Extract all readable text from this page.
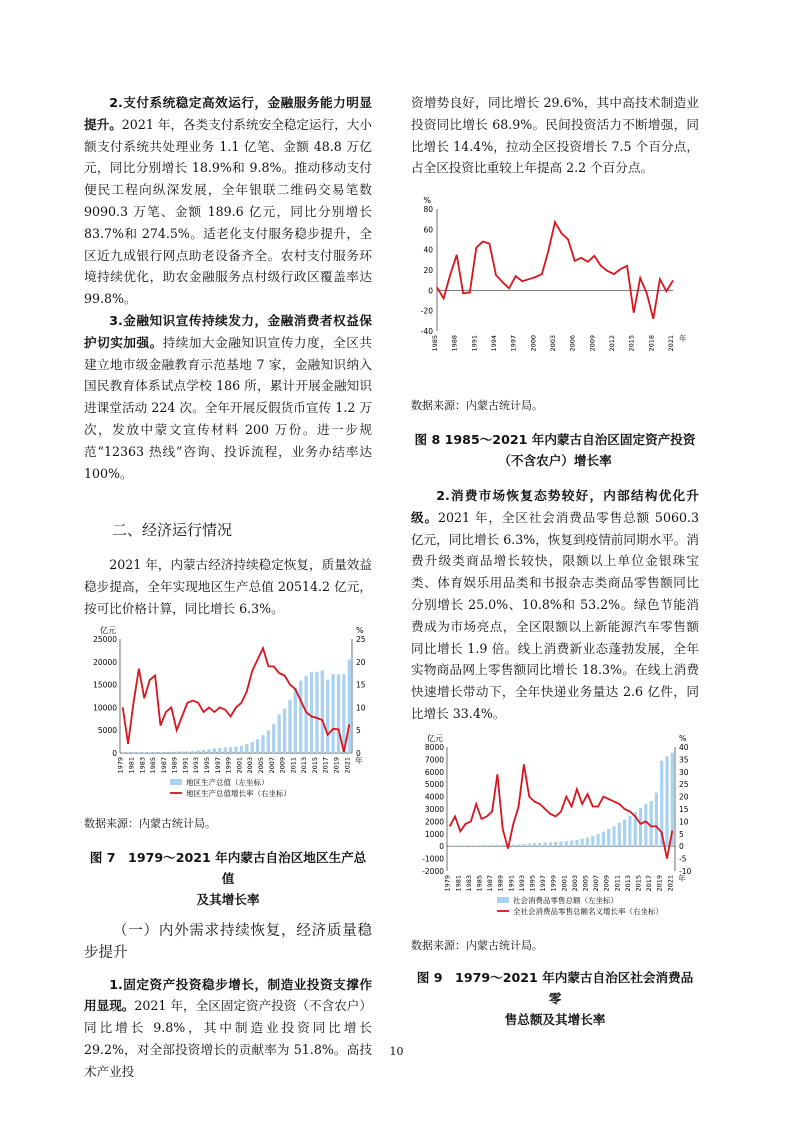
2.支付系统稳定高效运行，金融服务能力明显提升。2021 年，各类支付系统安全稳定运行，大小额支付系统共处理业务 1.1 亿笔、金额 48.8 万亿元，同比分别增长 18.9%和 9.8%。推动移动支付便民工程向纵深发展，全年银联二维码交易笔数 9090.3 万笔、金额 189.6 亿元，同比分别增长 83.7%和 274.5%。适老化支付服务稳步提升，全区近九成银行网点助老设备齐全。农村支付服务环境持续优化，助农金融服务点村级行政区覆盖率达 99.8%。

3.金融知识宣传持续发力，金融消费者权益保护切实加强。持续加大金融知识宣传力度，全区共建立地市级金融教育示范基地 7 家，金融知识纳入国民教育体系试点学校 186 所，累计开展金融知识进课堂活动 224 次。全年开展反假货币宣传 1.2 万次，发放中蒙文宣传材料 200 万份。进一步规范“12363 热线”咨询、投诉流程，业务办结率达 100%。

二、经济运行情况

2021 年，内蒙古经济持续稳定恢复，质量效益稳步提高，全年实现地区生产总值 20514.2 亿元，按可比价格计算，同比增长 6.3%。

亿元	%
0
5000
10000
15000
20000
25000
0
5
10
15
20
25
1979 1981 1983 1985 1987 1989 1991 1993 1995 1997 1999 2001 2003 2005 2007 2009 2011 2013 2015 2017 2019 2021 年
地区生产总值（左坐标）
地区生产总值增长率（右坐标）

数据来源：内蒙古统计局。

图 7　1979～2021 年内蒙古自治区地区生产总值

及其增长率

（一）内外需求持续恢复，经济质量稳步提升

1.固定资产投资稳步增长，制造业投资支撑作用显现。2021 年，全区固定资产投资（不含农户）同比增长 9.8%，其中制造业投资同比增长 29.2%，对全部投资增长的贡献率为 51.8%。高技术产业投

资增势良好，同比增长 29.6%，其中高技术制造业投资同比增长 68.9%。民间投资活力不断增强，同比增长 14.4%，拉动全区投资增长 7.5 个百分点，占全区投资比重较上年提高 2.2 个百分点。

%
-40
-20
0
20
40
60
80
1985 1988 1991 1994 1997 2000 2003 2006 2009 2012 2015 2018 2021 年

数据来源：内蒙古统计局。

图 8 1985～2021 年内蒙古自治区固定资产投资

（不含农户）增长率

2.消费市场恢复态势较好，内部结构优化升级。2021 年，全区社会消费品零售总额 5060.3 亿元，同比增长 6.3%，恢复到疫情前同期水平。消费升级类商品增长较快，限额以上单位金银珠宝类、体育娱乐用品类和书报杂志类商品零售额同比分别增长 25.0%、10.8%和 53.2%。绿色节能消费成为市场亮点，全区限额以上新能源汽车零售额同比增长 1.9 倍。线上消费新业态蓬勃发展，全年实物商品网上零售额同比增长 18.3%。在线上消费快速增长带动下，全年快递业务量达 2.6 亿件，同比增长 33.4%。

亿元	%
-2000
-1000
0
1000
2000
3000
4000
5000
6000
7000
8000
-10
-5
0
5
10
15
20
25
30
35
40
1979 1981 1983 1985 1987 1989 1991 1993 1995 1997 1999 2001 2003 2005 2007 2009 2011 2013 2015 2017 2019 2021 年
社会消费品零售总额（左坐标）
全社会消费品零售总额名义增长率（右坐标）

数据来源：内蒙古统计局。

图 9　1979～2021 年内蒙古自治区社会消费品零

售总额及其增长率

10
